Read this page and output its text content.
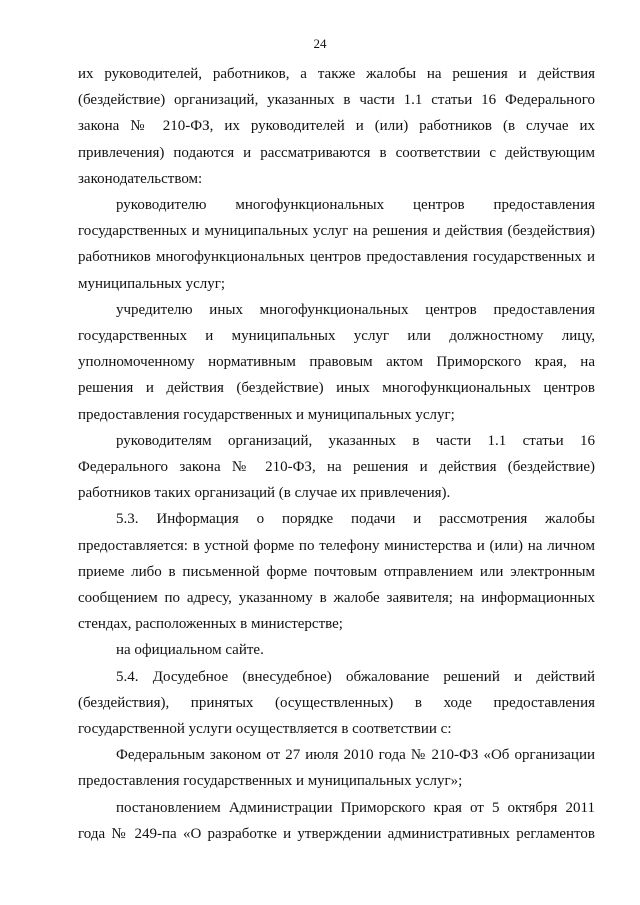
24

их руководителей, работников, а также жалобы на решения и действия (бездействие) организаций, указанных в части 1.1 статьи 16 Федерального закона № 210-ФЗ, их руководителей и (или) работников (в случае их привлечения) подаются и рассматриваются в соответствии с действующим законодательством:

руководителю многофункциональных центров предоставления государственных и муниципальных услуг на решения и действия (бездействия) работников многофункциональных центров предоставления государственных и муниципальных услуг;

учредителю иных многофункциональных центров предоставления государственных и муниципальных услуг или должностному лицу, уполномоченному нормативным правовым актом Приморского края, на решения и действия (бездействие) иных многофункциональных центров предоставления государственных и муниципальных услуг;

руководителям организаций, указанных в части 1.1 статьи 16 Федерального закона № 210-ФЗ, на решения и действия (бездействие) работников таких организаций (в случае их привлечения).

5.3. Информация о порядке подачи и рассмотрения жалобы предоставляется: в устной форме по телефону министерства и (или) на личном приеме либо в письменной форме почтовым отправлением или электронным сообщением по адресу, указанному в жалобе заявителя; на информационных стендах, расположенных в министерстве;

на официальном сайте.

5.4. Досудебное (внесудебное) обжалование решений и действий (бездействия), принятых (осуществленных) в ходе предоставления государственной услуги осуществляется в соответствии с:

Федеральным законом от 27 июля 2010 года № 210-ФЗ «Об организации предоставления государственных и муниципальных услуг»;

постановлением Администрации Приморского края от 5 октября 2011 года № 249-па «О разработке и утверждении административных регламентов
